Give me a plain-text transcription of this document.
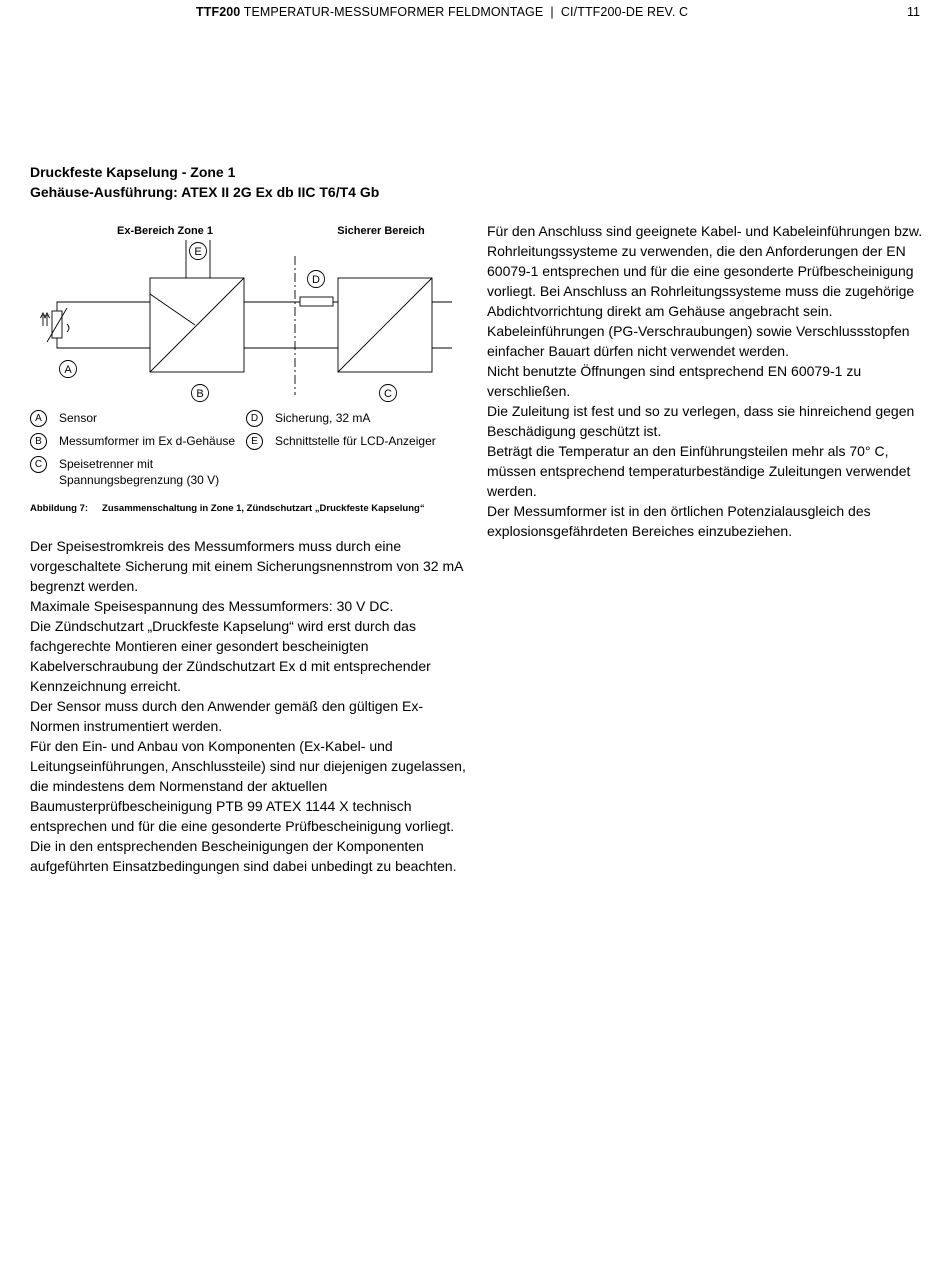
TTF200 TEMPERATUR-MESSUMFORMER FELDMONTAGE  |  CI/TTF200-DE REV. C	11
Druckfeste Kapselung - Zone 1
Gehäuse-Ausführung: ATEX II 2G Ex db IIC T6/T4 Gb
Ex-Bereich Zone 1	Sicherer Bereich
A
B	C
D
E
A	Sensor
B	Messumformer im Ex d-Gehäuse
C	Speisetrenner mit
Spannungsbegrenzung (30 V)
D	Sicherung, 32 mA
E	Schnittstelle für LCD-Anzeiger
Abbildung 7: Zusammenschaltung in Zone 1, Zündschutzart „Druckfeste Kapselung“

Der Speisestromkreis des Messumformers muss durch eine vorgeschaltete Sicherung mit einem Sicherungsnennstrom von 32 mA begrenzt werden.

Maximale Speisespannung des Messumformers: 30 V DC.

Die Zündschutzart „Druckfeste Kapselung“ wird erst durch das fachgerechte Montieren einer gesondert bescheinigten Kabelverschraubung der Zündschutzart Ex d mit entsprechender Kennzeichnung erreicht.

Der Sensor muss durch den Anwender gemäß den gültigen Ex-Normen instrumentiert werden.

Für den Ein- und Anbau von Komponenten (Ex-Kabel- und Leitungseinführungen, Anschlussteile) sind nur diejenigen zugelassen, die mindestens dem Normenstand der aktuellen Baumusterprüfbescheinigung PTB 99 ATEX 1144 X technisch entsprechen und für die eine gesonderte Prüfbescheinigung vorliegt. Die in den entsprechenden Bescheinigungen der Komponenten aufgeführten Einsatzbedingungen sind dabei unbedingt zu beachten.

Für den Anschluss sind geeignete Kabel- und Kabeleinführungen bzw. Rohrleitungssysteme zu verwenden, die den Anforderungen der EN 60079-1 entsprechen und für die eine gesonderte Prüfbescheinigung vorliegt. Bei Anschluss an Rohrleitungssysteme muss die zugehörige Abdichtvorrichtung direkt am Gehäuse angebracht sein.

Kabeleinführungen (PG-Verschraubungen) sowie Verschlussstopfen einfacher Bauart dürfen nicht verwendet werden.

Nicht benutzte Öffnungen sind entsprechend EN 60079-1 zu verschließen.

Die Zuleitung ist fest und so zu verlegen, dass sie hinreichend gegen Beschädigung geschützt ist.

Beträgt die Temperatur an den Einführungsteilen mehr als 70° C, müssen entsprechend temperaturbeständige Zuleitungen verwendet werden.

Der Messumformer ist in den örtlichen Potenzialausgleich des explosionsgefährdeten Bereiches einzubeziehen.
